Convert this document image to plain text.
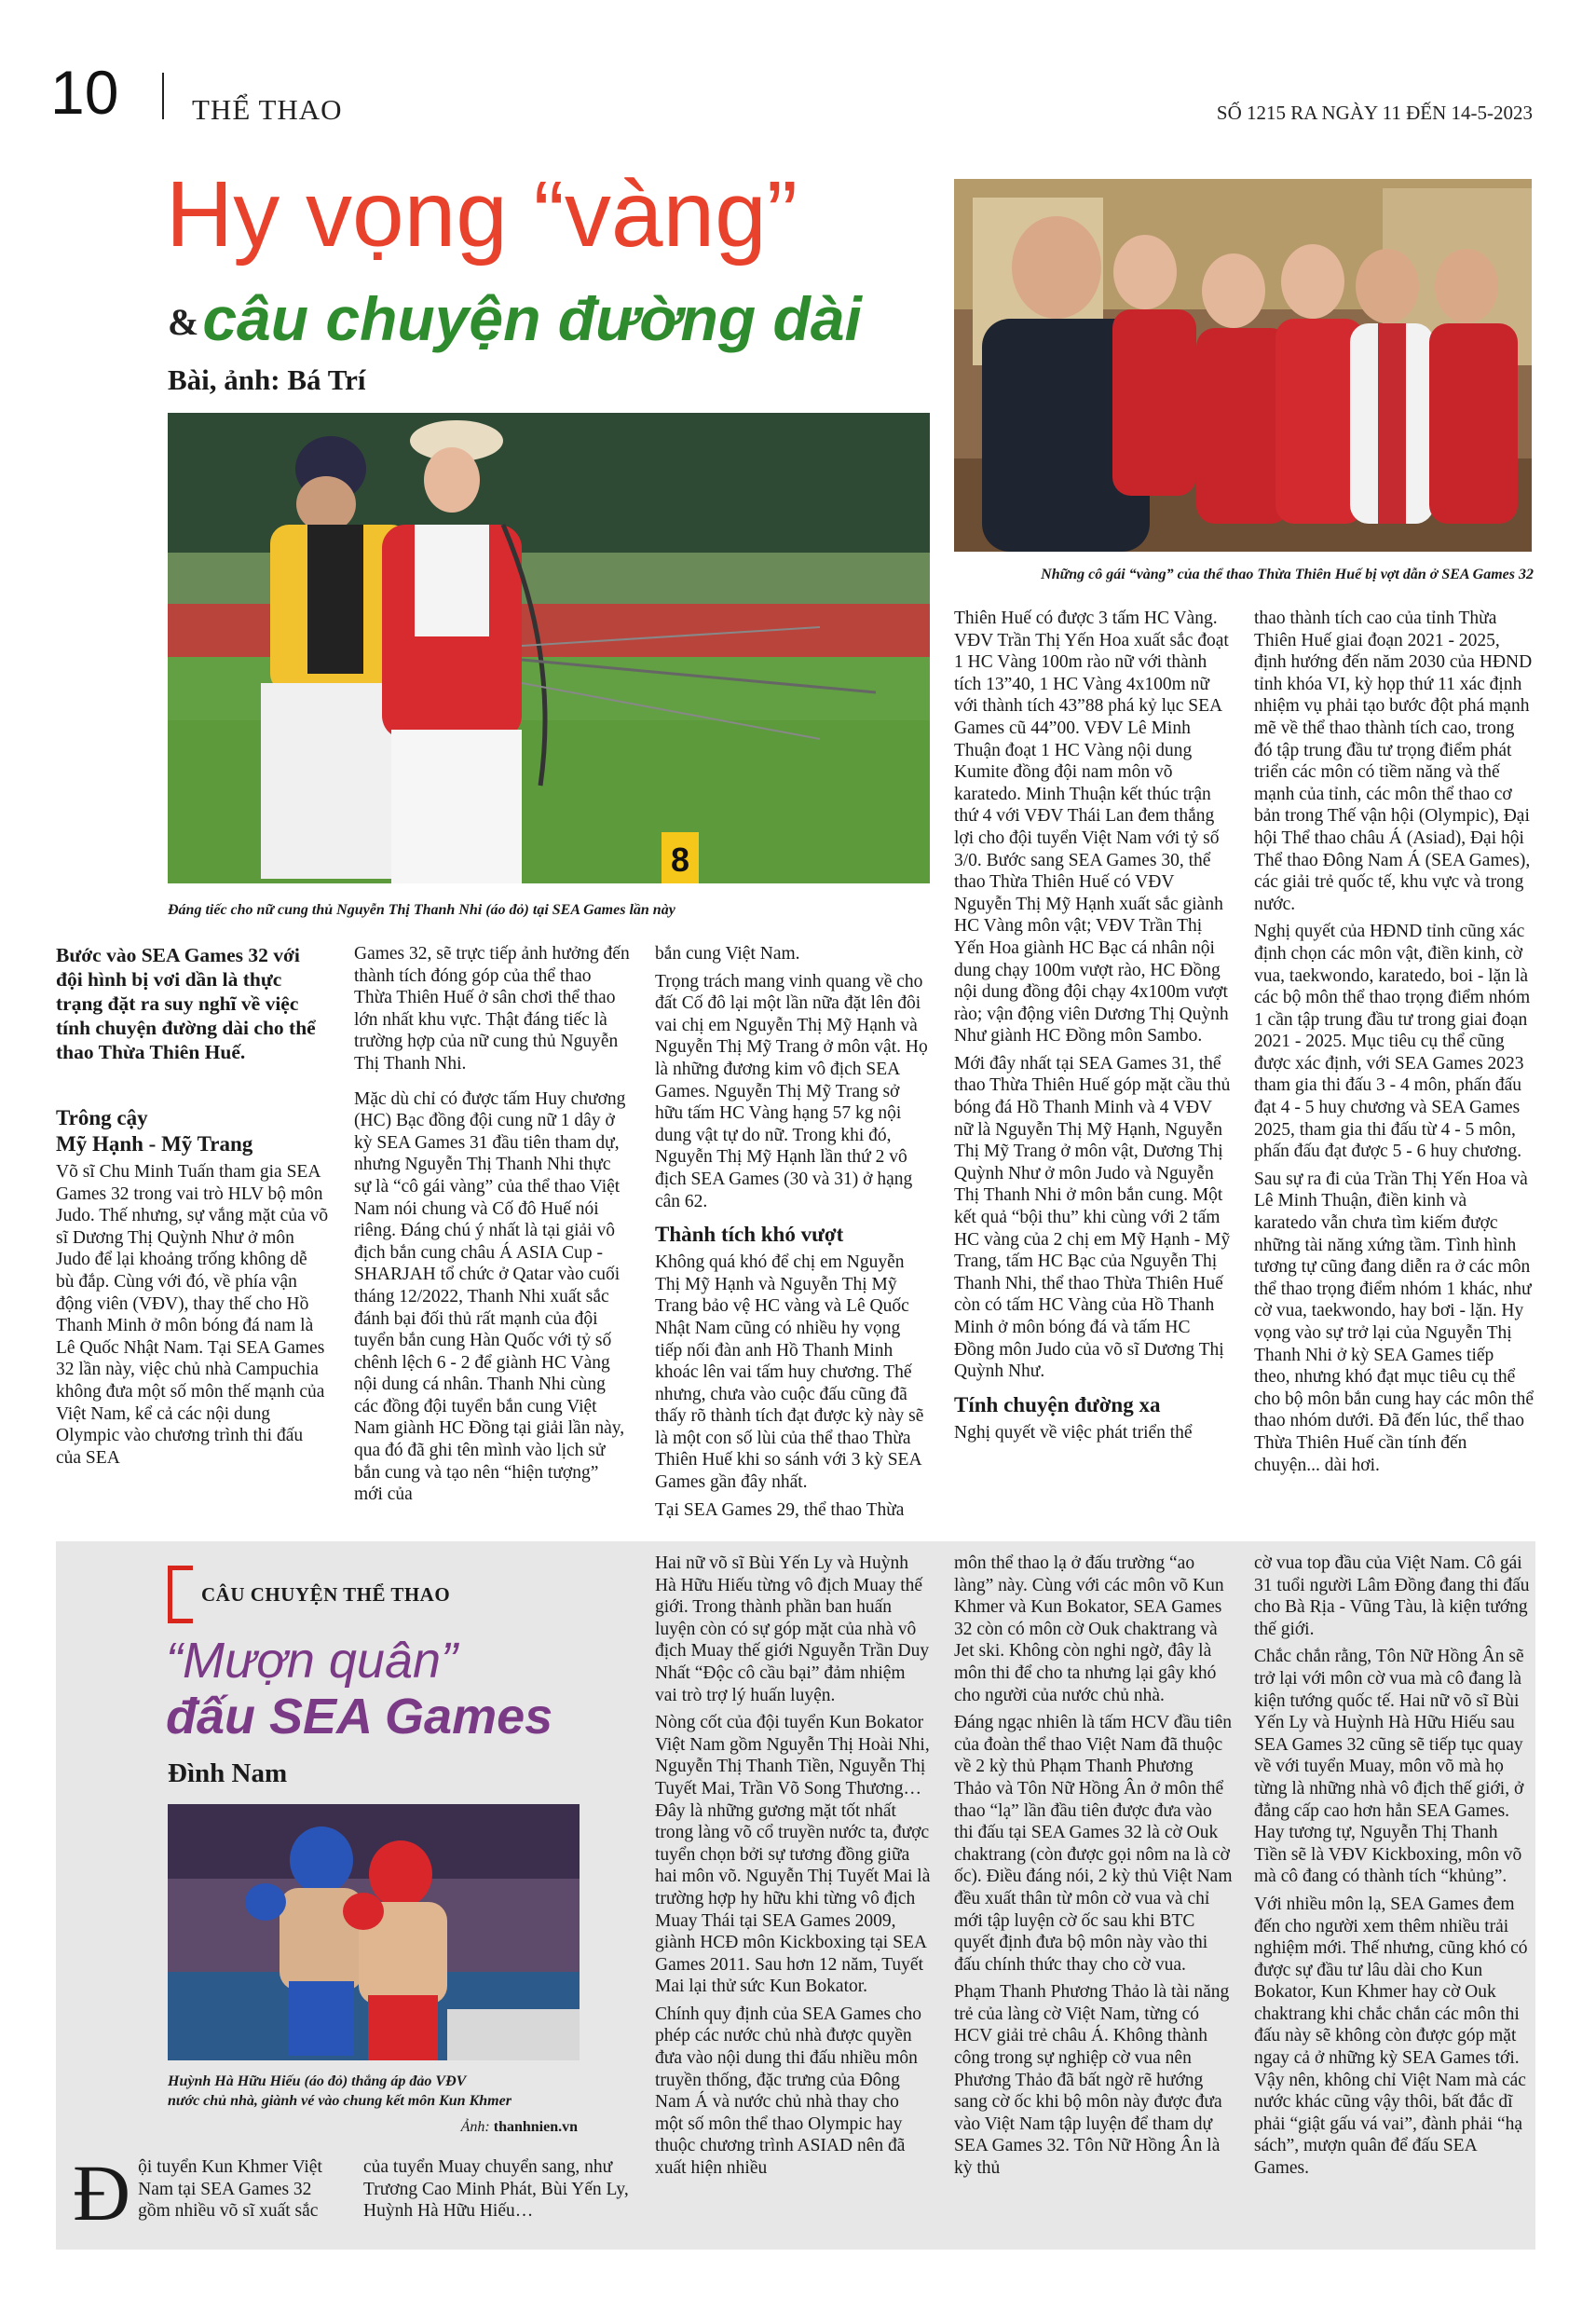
10	THỂ THAO	SỐ 1215 RA NGÀY 11 ĐẾN 14-5-2023
Hy vọng “vàng”
& câu chuyện đường dài
Bài, ảnh: Bá Trí
8
Đáng tiếc cho nữ cung thủ Nguyễn Thị Thanh Nhi (áo đỏ) tại SEA Games lần này
Những cô gái “vàng” của thể thao Thừa Thiên Huế bị vợt dẫn ở SEA Games 32

Bước vào SEA Games 32 với đội hình bị vơi dần là thực trạng đặt ra suy nghĩ về việc tính chuyện đường dài cho thể thao Thừa Thiên Huế.

Trông cậy
Mỹ Hạnh - Mỹ Trang

Võ sĩ Chu Minh Tuấn tham gia SEA Games 32 trong vai trò HLV bộ môn Judo. Thế nhưng, sự vắng mặt của võ sĩ Dương Thị Quỳnh Như ở môn Judo để lại khoảng trống không dễ bù đắp. Cùng với đó, về phía vận động viên (VĐV), thay thế cho Hồ Thanh Minh ở môn bóng đá nam là Lê Quốc Nhật Nam. Tại SEA Games 32 lần này, việc chủ nhà Campuchia không đưa một số môn thế mạnh của Việt Nam, kể cả các nội dung Olympic vào chương trình thi đấu của SEA

Games 32, sẽ trực tiếp ảnh hưởng đến thành tích đóng góp của thể thao Thừa Thiên Huế ở sân chơi thể thao lớn nhất khu vực. Thật đáng tiếc là trường hợp của nữ cung thủ Nguyễn Thị Thanh Nhi.

Mặc dù chỉ có được tấm Huy chương (HC) Bạc đồng đội cung nữ 1 dây ở kỳ SEA Games 31 đầu tiên tham dự, nhưng Nguyễn Thị Thanh Nhi thực sự là “cô gái vàng” của thể thao Việt Nam nói chung và Cố đô Huế nói riêng. Đáng chú ý nhất là tại giải vô địch bắn cung châu Á ASIA Cup - SHARJAH tổ chức ở Qatar vào cuối tháng 12/2022, Thanh Nhi xuất sắc đánh bại đối thủ rất mạnh của đội tuyển bắn cung Hàn Quốc với tỷ số chênh lệch 6 - 2 để giành HC Vàng nội dung cá nhân. Thanh Nhi cùng các đồng đội tuyển bắn cung Việt Nam giành HC Đồng tại giải lần này, qua đó đã ghi tên mình vào lịch sử bắn cung và tạo nên “hiện tượng” mới của

bắn cung Việt Nam.

Trọng trách mang vinh quang về cho đất Cố đô lại một lần nữa đặt lên đôi vai chị em Nguyễn Thị Mỹ Hạnh và Nguyễn Thị Mỹ Trang ở môn vật. Họ là những đương kim vô địch SEA Games. Nguyễn Thị Mỹ Trang sở hữu tấm HC Vàng hạng 57 kg nội dung vật tự do nữ. Trong khi đó, Nguyễn Thị Mỹ Hạnh lần thứ 2 vô địch SEA Games (30 và 31) ở hạng cân 62.

Thành tích khó vượt

Không quá khó để chị em Nguyễn Thị Mỹ Hạnh và Nguyễn Thị Mỹ Trang bảo vệ HC vàng và Lê Quốc Nhật Nam cũng có nhiều hy vọng tiếp nối đàn anh Hồ Thanh Minh khoác lên vai tấm huy chương. Thế nhưng, chưa vào cuộc đấu cũng đã thấy rõ thành tích đạt được kỳ này sẽ là một con số lùi của thể thao Thừa Thiên Huế khi so sánh với 3 kỳ SEA Games gần đây nhất.

Tại SEA Games 29, thể thao Thừa

Thiên Huế có được 3 tấm HC Vàng. VĐV Trần Thị Yến Hoa xuất sắc đoạt 1 HC Vàng 100m rào nữ với thành tích 13”40, 1 HC Vàng 4x100m nữ với thành tích 43”88 phá kỷ lục SEA Games cũ 44”00. VĐV Lê Minh Thuận đoạt 1 HC Vàng nội dung Kumite đồng đội nam môn võ karatedo. Minh Thuận kết thúc trận thứ 4 với VĐV Thái Lan đem thắng lợi cho đội tuyển Việt Nam với tỷ số 3/0. Bước sang SEA Games 30, thể thao Thừa Thiên Huế có VĐV Nguyễn Thị Mỹ Hạnh xuất sắc giành HC Vàng môn vật; VĐV Trần Thị Yến Hoa giành HC Bạc cá nhân nội dung chạy 100m vượt rào, HC Đồng nội dung đồng đội chạy 4x100m vượt rào; vận động viên Dương Thị Quỳnh Như giành HC Đồng môn Sambo.

Mới đây nhất tại SEA Games 31, thể thao Thừa Thiên Huế góp mặt cầu thủ bóng đá Hồ Thanh Minh và 4 VĐV nữ là Nguyễn Thị Mỹ Hạnh, Nguyễn Thị Mỹ Trang ở môn vật, Dương Thị Quỳnh Như ở môn Judo và Nguyễn Thị Thanh Nhi ở môn bắn cung. Một kết quả “bội thu” khi cùng với 2 tấm HC vàng của 2 chị em Mỹ Hạnh - Mỹ Trang, tấm HC Bạc của Nguyễn Thị Thanh Nhi, thể thao Thừa Thiên Huế còn có tấm HC Vàng của Hồ Thanh Minh ở môn bóng đá và tấm HC Đồng môn Judo của võ sĩ Dương Thị Quỳnh Như.

Tính chuyện đường xa

Nghị quyết về việc phát triển thể

thao thành tích cao của tỉnh Thừa Thiên Huế giai đoạn 2021 - 2025, định hướng đến năm 2030 của HĐND tỉnh khóa VI, kỳ họp thứ 11 xác định nhiệm vụ phải tạo bước đột phá mạnh mẽ về thể thao thành tích cao, trong đó tập trung đầu tư trọng điểm phát triển các môn có tiềm năng và thế mạnh của tỉnh, các môn thể thao cơ bản trong Thế vận hội (Olympic), Đại hội Thể thao châu Á (Asiad), Đại hội Thể thao Đông Nam Á (SEA Games), các giải trẻ quốc tế, khu vực và trong nước.

Nghị quyết của HĐND tỉnh cũng xác định chọn các môn vật, điền kinh, cờ vua, taekwondo, karatedo, boi - lặn là các bộ môn thể thao trọng điểm nhóm 1 cần tập trung đầu tư trong giai đoạn 2021 - 2025. Mục tiêu cụ thể cũng được xác định, với SEA Games 2023 tham gia thi đấu 3 - 4 môn, phấn đấu đạt 4 - 5 huy chương và SEA Games 2025, tham gia thi đấu từ 4 - 5 môn, phấn đấu đạt được 5 - 6 huy chương.

Sau sự ra đi của Trần Thị Yến Hoa và Lê Minh Thuận, điền kinh và karatedo vẫn chưa tìm kiếm được những tài năng xứng tầm. Tình hình tương tự cũng đang diễn ra ở các môn thể thao trọng điểm nhóm 1 khác, như cờ vua, taekwondo, hay bơi - lặn. Hy vọng vào sự trở lại của Nguyễn Thị Thanh Nhi ở kỳ SEA Games tiếp theo, nhưng khó đạt mục tiêu cụ thể cho bộ môn bắn cung hay các môn thể thao nhóm dưới. Đã đến lúc, thể thao Thừa Thiên Huế cần tính đến chuyện... dài hơi.

CÂU CHUYỆN THỂ THAO
“Mượn quân”
đấu SEA Games
Đình Nam
Huỳnh Hà Hữu Hiếu (áo đỏ) thắng áp đảo VĐV
nước chủ nhà, giành vé vào chung kết môn Kun Khmer
Ảnh: thanhnien.vn
Đ ội tuyển Kun Khmer Việt Nam tại SEA Games 32 gồm nhiều võ sĩ xuất sắc

của tuyển Muay chuyển sang, như Trương Cao Minh Phát, Bùi Yến Ly, Huỳnh Hà Hữu Hiếu…

Hai nữ võ sĩ Bùi Yến Ly và Huỳnh Hà Hữu Hiếu từng vô địch Muay thế giới. Trong thành phần ban huấn luyện còn có sự góp mặt của nhà vô địch Muay thế giới Nguyễn Trần Duy Nhất “Độc cô cầu bại” đảm nhiệm vai trò trợ lý huấn luyện.

Nòng cốt của đội tuyển Kun Bokator Việt Nam gồm Nguyễn Thị Hoài Nhi, Nguyễn Thị Thanh Tiền, Nguyễn Thị Tuyết Mai, Trần Võ Song Thương… Đây là những gương mặt tốt nhất trong làng võ cổ truyền nước ta, được tuyển chọn bởi sự tương đồng giữa hai môn võ. Nguyễn Thị Tuyết Mai là trường hợp hy hữu khi từng vô địch Muay Thái tại SEA Games 2009, giành HCĐ môn Kickboxing tại SEA Games 2011. Sau hơn 12 năm, Tuyết Mai lại thử sức Kun Bokator.

Chính quy định của SEA Games cho phép các nước chủ nhà được quyền đưa vào nội dung thi đấu nhiều môn truyền thống, đặc trưng của Đông Nam Á và nước chủ nhà thay cho một số môn thể thao Olympic hay thuộc chương trình ASIAD nên đã xuất hiện nhiều

môn thể thao lạ ở đấu trường “ao làng” này. Cùng với các môn võ Kun Khmer và Kun Bokator, SEA Games 32 còn có môn cờ Ouk chaktrang và Jet ski. Không còn nghi ngờ, đây là môn thi để cho ta nhưng lại gây khó cho người của nước chủ nhà.

Đáng ngạc nhiên là tấm HCV đầu tiên của đoàn thể thao Việt Nam đã thuộc về 2 kỳ thủ Phạm Thanh Phương Thảo và Tôn Nữ Hồng Ân ở môn thể thao “lạ” lần đầu tiên được đưa vào thi đấu tại SEA Games 32 là cờ Ouk chaktrang (còn được gọi nôm na là cờ ốc). Điều đáng nói, 2 kỳ thủ Việt Nam đều xuất thân từ môn cờ vua và chỉ mới tập luyện cờ ốc sau khi BTC quyết định đưa bộ môn này vào thi đấu chính thức thay cho cờ vua.

Phạm Thanh Phương Thảo là tài năng trẻ của làng cờ Việt Nam, từng có HCV giải trẻ châu Á. Không thành công trong sự nghiệp cờ vua nên Phương Thảo đã bất ngờ rẽ hướng sang cờ ốc khi bộ môn này được đưa vào Việt Nam tập luyện để tham dự SEA Games 32. Tôn Nữ Hồng Ân là kỳ thủ

cờ vua top đầu của Việt Nam. Cô gái 31 tuổi người Lâm Đồng đang thi đấu cho Bà Rịa - Vũng Tàu, là kiện tướng thế giới.

Chắc chắn rằng, Tôn Nữ Hồng Ân sẽ trở lại với môn cờ vua mà cô đang là kiện tướng quốc tế. Hai nữ võ sĩ Bùi Yến Ly và Huỳnh Hà Hữu Hiếu sau SEA Games 32 cũng sẽ tiếp tục quay về với tuyển Muay, môn võ mà họ từng là những nhà vô địch thế giới, ở đẳng cấp cao hơn hẳn SEA Games. Hay tương tự, Nguyễn Thị Thanh Tiền sẽ là VĐV Kickboxing, môn võ mà cô đang có thành tích “khủng”.

Với nhiều môn lạ, SEA Games đem đến cho người xem thêm nhiều trải nghiệm mới. Thế nhưng, cũng khó có được sự đầu tư lâu dài cho Kun Bokator, Kun Khmer hay cờ Ouk chaktrang khi chắc chắn các môn thi đấu này sẽ không còn được góp mặt ngay cả ở những kỳ SEA Games tới. Vậy nên, không chỉ Việt Nam mà các nước khác cũng vậy thôi, bất đắc dĩ phải “giật gấu vá vai”, đành phải “hạ sách”, mượn quân để đấu SEA Games.
